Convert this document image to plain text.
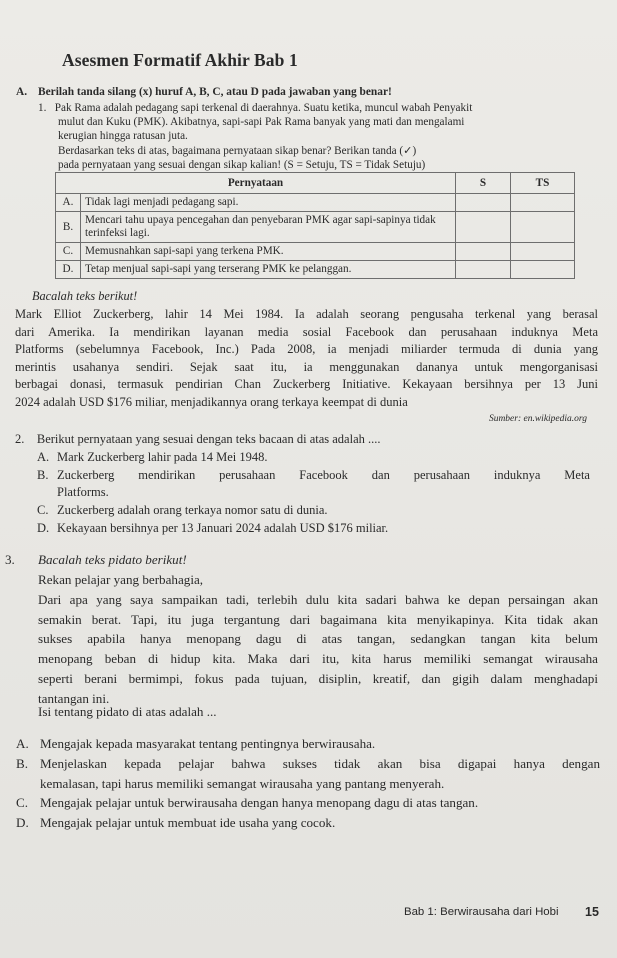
Asesmen Formatif Akhir Bab 1
A. Berilah tanda silang (x) huruf A, B, C, atau D pada jawaban yang benar!
1. Pak Rama adalah pedagang sapi terkenal di daerahnya. Suatu ketika, muncul wabah Penyakit
mulut dan Kuku (PMK). Akibatnya, sapi-sapi Pak Rama banyak yang mati dan mengalami
kerugian hingga ratusan juta.
Berdasarkan teks di atas, bagaimana pernyataan sikap benar? Berikan tanda (✓)
pada pernyataan yang sesuai dengan sikap kalian! (S = Setuju, TS = Tidak Setuju)
Pernyataan		S	TS
A.	Tidak lagi menjadi pedagang sapi.		
B.	Mencari tahu upaya pencegahan dan penyebaran PMK agar sapi-sapinya tidak terinfeksi lagi.		
C.	Memusnahkan sapi-sapi yang terkena PMK.		
D.	Tetap menjual sapi-sapi yang terserang PMK ke pelanggan.		
Bacalah teks berikut!
Mark Elliot Zuckerberg, lahir 14 Mei 1984. Ia adalah seorang pengusaha terkenal yang berasal
dari Amerika. Ia mendirikan layanan media sosial Facebook dan perusahaan induknya Meta
Platforms (sebelumnya Facebook, Inc.) Pada 2008, ia menjadi miliarder termuda di dunia yang
merintis usahanya sendiri. Sejak saat itu, ia menggunakan dananya untuk mengorganisasi
berbagai donasi, termasuk pendirian Chan Zuckerberg Initiative. Kekayaan bersihnya per 13 Juni
2024 adalah USD $176 miliar, menjadikannya orang terkaya keempat di dunia
Sumber: en.wikipedia.org
2. Berikut pernyataan yang sesuai dengan teks bacaan di atas adalah ....
A. Mark Zuckerberg lahir pada 14 Mei 1948.
B. Zuckerberg mendirikan perusahaan Facebook dan perusahaan induknya Meta
Platforms.
C. Zuckerberg adalah orang terkaya nomor satu di dunia.
D. Kekayaan bersihnya per 13 Januari 2024 adalah USD $176 miliar.
3. Bacalah teks pidato berikut!
Rekan pelajar yang berbahagia,
Dari apa yang saya sampaikan tadi, terlebih dulu kita sadari bahwa ke depan persaingan akan
semakin berat. Tapi, itu juga tergantung dari bagaimana kita menyikapinya. Kita tidak akan
sukses apabila hanya menopang dagu di atas tangan, sedangkan tangan kita belum
menopang beban di hidup kita. Maka dari itu, kita harus memiliki semangat wirausaha
seperti berani bermimpi, fokus pada tujuan, disiplin, kreatif, dan gigih dalam menghadapi
tantangan ini.
Isi tentang pidato di atas adalah ...
A. Mengajak kepada masyarakat tentang pentingnya berwirausaha.
B. Menjelaskan kepada pelajar bahwa sukses tidak akan bisa digapai hanya dengan
kemalasan, tapi harus memiliki semangat wirausaha yang pantang menyerah.
C. Mengajak pelajar untuk berwirausaha dengan hanya menopang dagu di atas tangan.
D. Mengajak pelajar untuk membuat ide usaha yang cocok.
Bab 1: Berwirausaha dari Hobi 15
